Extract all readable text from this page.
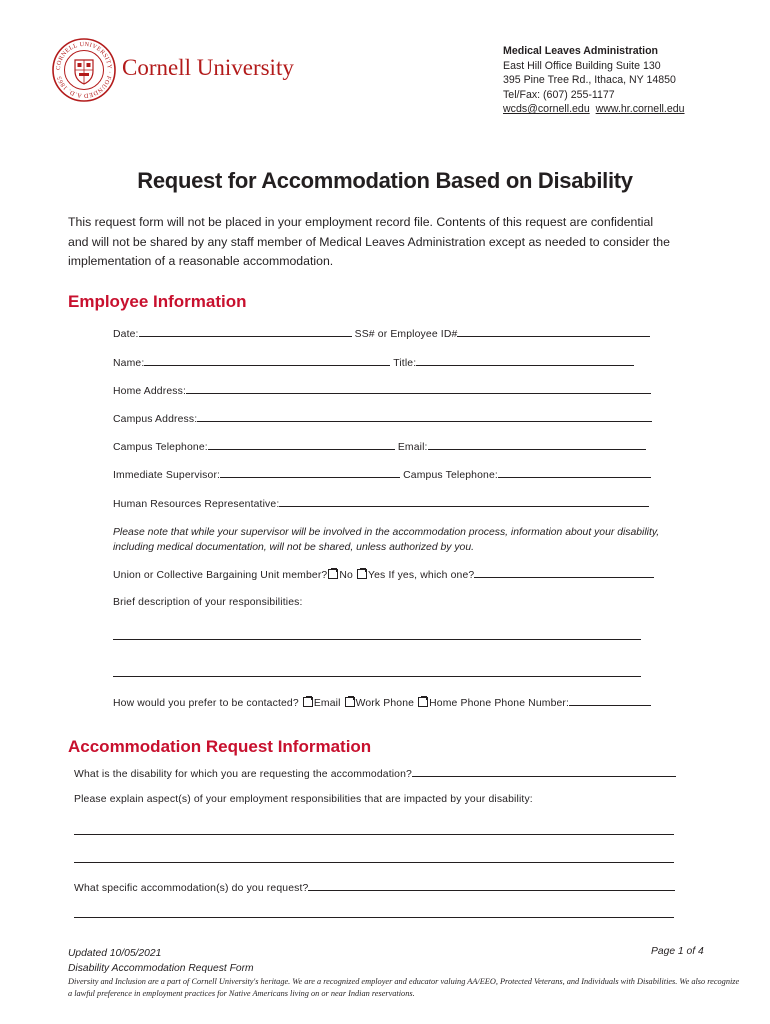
CORNELL UNIVERSITY · FOUNDED A.D. 1865	Cornell University
Medical Leaves Administration
East Hill Office Building Suite 130
395 Pine Tree Rd., Ithaca, NY 14850
Tel/Fax: (607) 255-1177
wcds@cornell.edu www.hr.cornell.edu
Request for Accommodation Based on Disability
This request form will not be placed in your employment record file. Contents of this request are confidential
and will not be shared by any staff member of Medical Leaves Administration except as needed to consider the
implementation of a reasonable accommodation.
Employee Information
Date:	SS# or Employee ID#
Name:	Title:
Home Address:
Campus Address:
Campus Telephone:	Email:
Immediate Supervisor:	Campus Telephone:
Human Resources Representative:
Please note that while your supervisor will be involved in the accommodation process, information about your disability,
including medical documentation, will not be shared, unless authorized by you.
Union or Collective Bargaining Unit member? No Yes If yes, which one?
Brief description of your responsibilities:
How would you prefer to be contacted? Email Work Phone Home Phone Phone Number:
Accommodation Request Information
What is the disability for which you are requesting the accommodation?
Please explain aspect(s) of your employment responsibilities that are impacted by your disability:
What specific accommodation(s) do you request?
Updated 10/05/2021
Disability Accommodation Request Form
Page 1 of 4
Diversity and Inclusion are a part of Cornell University's heritage. We are a recognized employer and educator valuing AA/EEO, Protected Veterans, and Individuals with Disabilities. We also recognize a lawful preference in employment practices for Native Americans living on or near Indian reservations.
